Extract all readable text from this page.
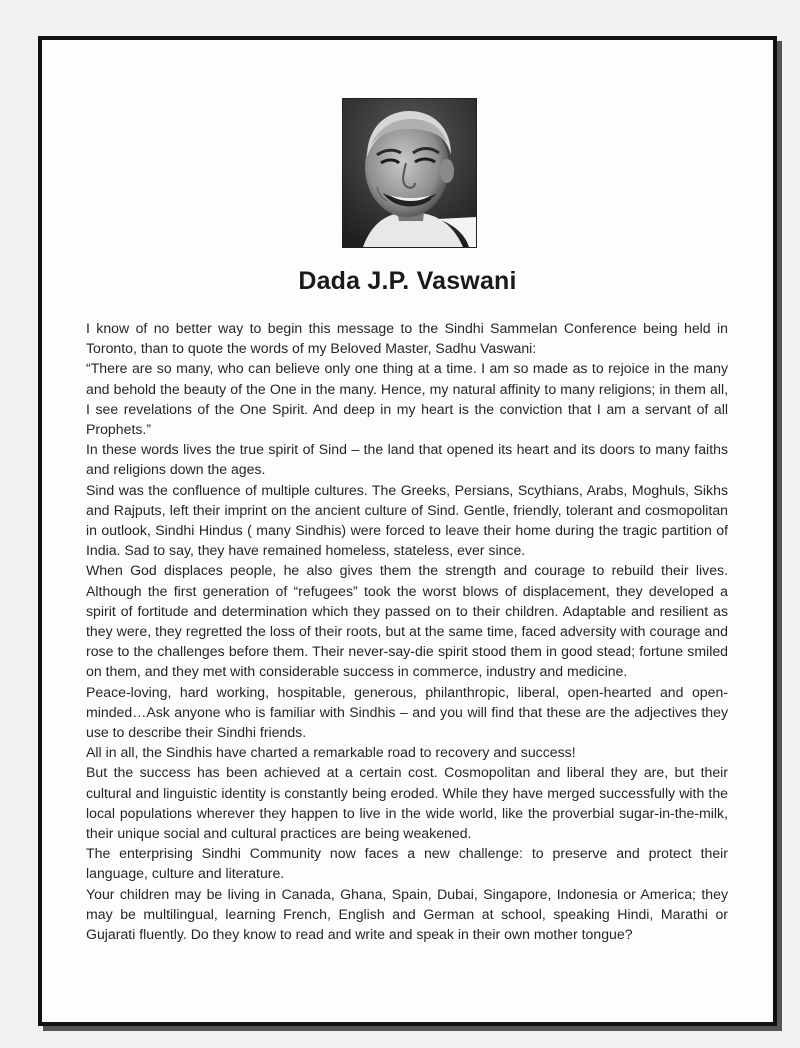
Dada J.P. Vaswani

I know of no better way to begin this message to the Sindhi Sammelan Conference being held in Toronto, than to quote the words of my Beloved Master, Sadhu Vaswani:

“There are so many, who can believe only one thing at a time. I am so made as to rejoice in the many and behold the beauty of the One in the many. Hence, my natural affinity to many religions; in them all, I see revelations of the One Spirit. And deep in my heart is the conviction that I am a servant of all Prophets.”

In these words lives the true spirit of Sind – the land that opened its heart and its doors to many faiths and religions down the ages.

Sind was the confluence of multiple cultures. The Greeks, Persians, Scythians, Arabs, Moghuls, Sikhs and Rajputs, left their imprint on the ancient culture of Sind. Gentle, friendly, tolerant and cosmopolitan in outlook, Sindhi Hindus ( many Sindhis) were forced to leave their home during the tragic partition of India. Sad to say, they have remained homeless, stateless, ever since.

When God displaces people, he also gives them the strength and courage to rebuild their lives. Although the first generation of “refugees” took the worst blows of displacement, they developed a spirit of fortitude and determination which they passed on to their children. Adaptable and resilient as they were, they regretted the loss of their roots, but at the same time, faced adversity with courage and rose to the challenges before them. Their never-say-die spirit stood them in good stead; fortune smiled on them, and they met with considerable success in commerce, industry and medicine.

Peace-loving, hard working, hospitable, generous, philanthropic, liberal, open-hearted and open-minded…Ask anyone who is familiar with Sindhis – and you will find that these are the adjectives they use to describe their Sindhi friends.

All in all, the Sindhis have charted a remarkable road to recovery and success!

But the success has been achieved at a certain cost. Cosmopolitan and liberal they are, but their cultural and linguistic identity is constantly being eroded. While they have merged successfully with the local populations wherever they happen to live in the wide world, like the proverbial sugar-in-the-milk, their unique social and cultural practices are being weakened.

The enterprising Sindhi Community now faces a new challenge: to preserve and protect their language, culture and literature.

Your children may be living in Canada, Ghana, Spain, Dubai, Singapore, Indonesia or America; they may be multilingual, learning French, English and German at school, speaking Hindi, Marathi or Gujarati fluently. Do they know to read and write and speak in their own mother tongue?
